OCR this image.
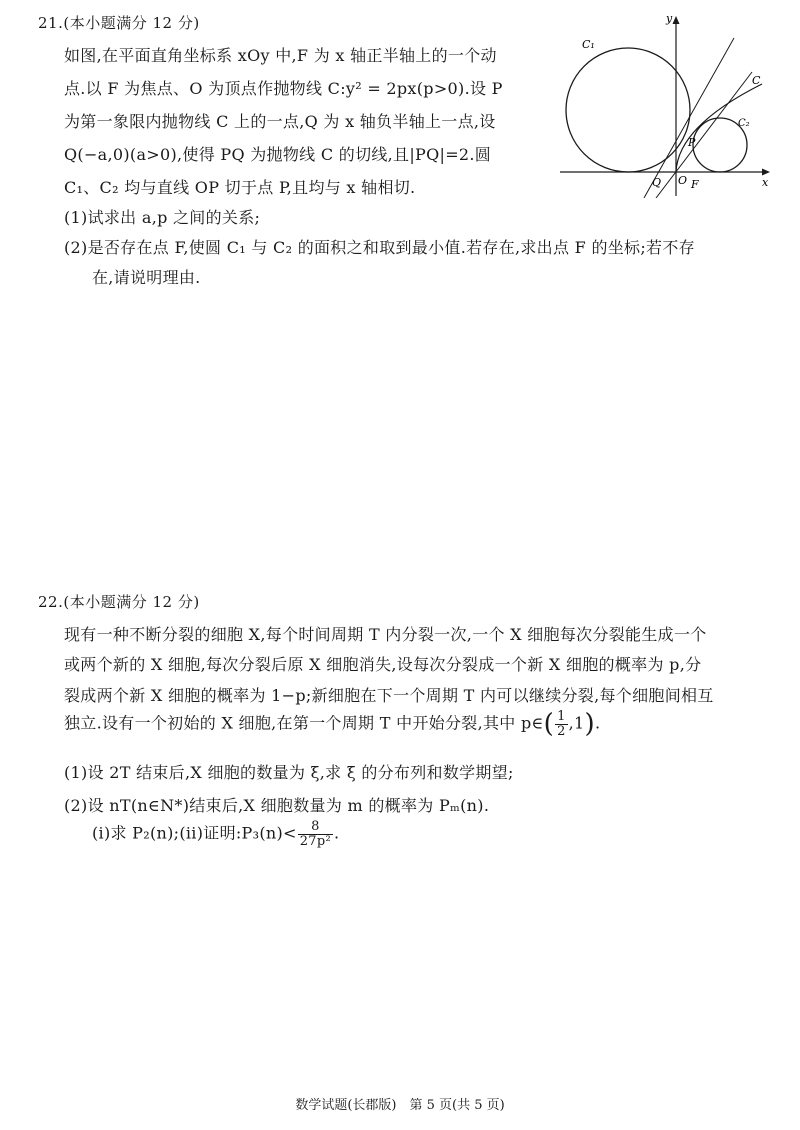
21.(本小题满分 12 分)
如图,在平面直角坐标系 xOy 中,F 为 x 轴正半轴上的一个动
点.以 F 为焦点、O 为顶点作抛物线 C:y² = 2px(p>0).设 P
为第一象限内抛物线 C 上的一点,Q 为 x 轴负半轴上一点,设
Q(−a,0)(a>0),使得 PQ 为抛物线 C 的切线,且|PQ|=2.圆
C₁、C₂ 均与直线 OP 切于点 P,且均与 x 轴相切.
(1)试求出 a,p 之间的关系;
(2)是否存在点 F,使圆 C₁ 与 C₂ 的面积之和取到最小值.若存在,求出点 F 的坐标;若不存
在,请说明理由.
y
x
C₁
C₂
C
P
Q O F
22.(本小题满分 12 分)
现有一种不断分裂的细胞 X,每个时间周期 T 内分裂一次,一个 X 细胞每次分裂能生成一个
或两个新的 X 细胞,每次分裂后原 X 细胞消失,设每次分裂成一个新 X 细胞的概率为 p,分
裂成两个新 X 细胞的概率为 1−p;新细胞在下一个周期 T 内可以继续分裂,每个细胞间相互
独立.设有一个初始的 X 细胞,在第一个周期 T 中开始分裂,其中 p∈( $\frac{1}{2} ,1$).
(1)设 2T 结束后,X 细胞的数量为 ξ,求 ξ 的分布列和数学期望;
(2)设 nT(n∈N*)结束后,X 细胞数量为 m 的概率为 Pₘ(n).
(i)求 P₂(n);(ii)证明:P₃(n)< $\frac{8}{\text{27p²}}$ .
数学试题(长郡版)　第 5 页(共 5 页)
